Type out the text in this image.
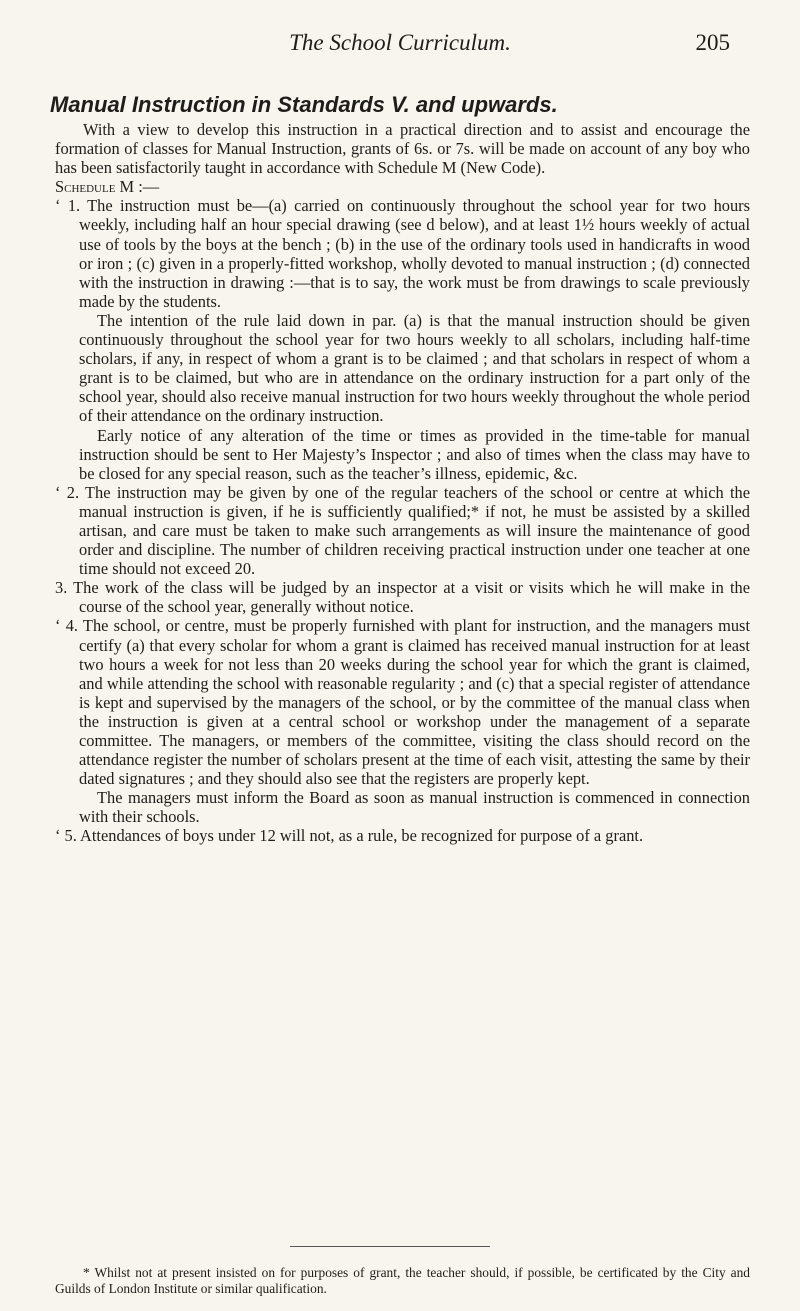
The School Curriculum.	205
Manual Instruction in Standards V. and upwards.

With a view to develop this instruction in a practical direction and to assist and encourage the formation of classes for Manual Instruction, grants of 6s. or 7s. will be made on account of any boy who has been satisfactorily taught in accordance with Schedule M (New Code).

Schedule M :—

‘ 1. The instruction must be—(a) carried on continuously throughout the school year for two hours weekly, including half an hour special drawing (see d below), and at least 1½ hours weekly of actual use of tools by the boys at the bench ; (b) in the use of the ordinary tools used in handicrafts in wood or iron ; (c) given in a properly-fitted workshop, wholly devoted to manual instruction ; (d) connected with the instruction in drawing :—that is to say, the work must be from drawings to scale previously made by the students.

The intention of the rule laid down in par. (a) is that the manual instruction should be given continuously throughout the school year for two hours weekly to all scholars, including half-time scholars, if any, in respect of whom a grant is to be claimed ; and that scholars in respect of whom a grant is to be claimed, but who are in attendance on the ordinary instruction for a part only of the school year, should also receive manual instruction for two hours weekly throughout the whole period of their attendance on the ordinary instruction.

Early notice of any alteration of the time or times as provided in the time-table for manual instruction should be sent to Her Majesty’s Inspector ; and also of times when the class may have to be closed for any special reason, such as the teacher’s illness, epidemic, &c.

‘ 2. The instruction may be given by one of the regular teachers of the school or centre at which the manual instruction is given, if he is sufficiently qualified;* if not, he must be assisted by a skilled artisan, and care must be taken to make such arrangements as will insure the maintenance of good order and discipline. The number of children receiving practical instruction under one teacher at one time should not exceed 20.

3. The work of the class will be judged by an inspector at a visit or visits which he will make in the course of the school year, generally without notice.

‘ 4. The school, or centre, must be properly furnished with plant for instruction, and the managers must certify (a) that every scholar for whom a grant is claimed has received manual instruction for at least two hours a week for not less than 20 weeks during the school year for which the grant is claimed, and while attending the school with reasonable regularity ; and (c) that a special register of attendance is kept and supervised by the managers of the school, or by the committee of the manual class when the instruction is given at a central school or workshop under the management of a separate committee. The managers, or members of the committee, visiting the class should record on the attendance register the number of scholars present at the time of each visit, attesting the same by their dated signatures ; and they should also see that the registers are properly kept.

The managers must inform the Board as soon as manual instruction is commenced in connection with their schools.

‘ 5. Attendances of boys under 12 will not, as a rule, be recognized for purpose of a grant.

* Whilst not at present insisted on for purposes of grant, the teacher should, if possible, be certificated by the City and Guilds of London Institute or similar qualification.
